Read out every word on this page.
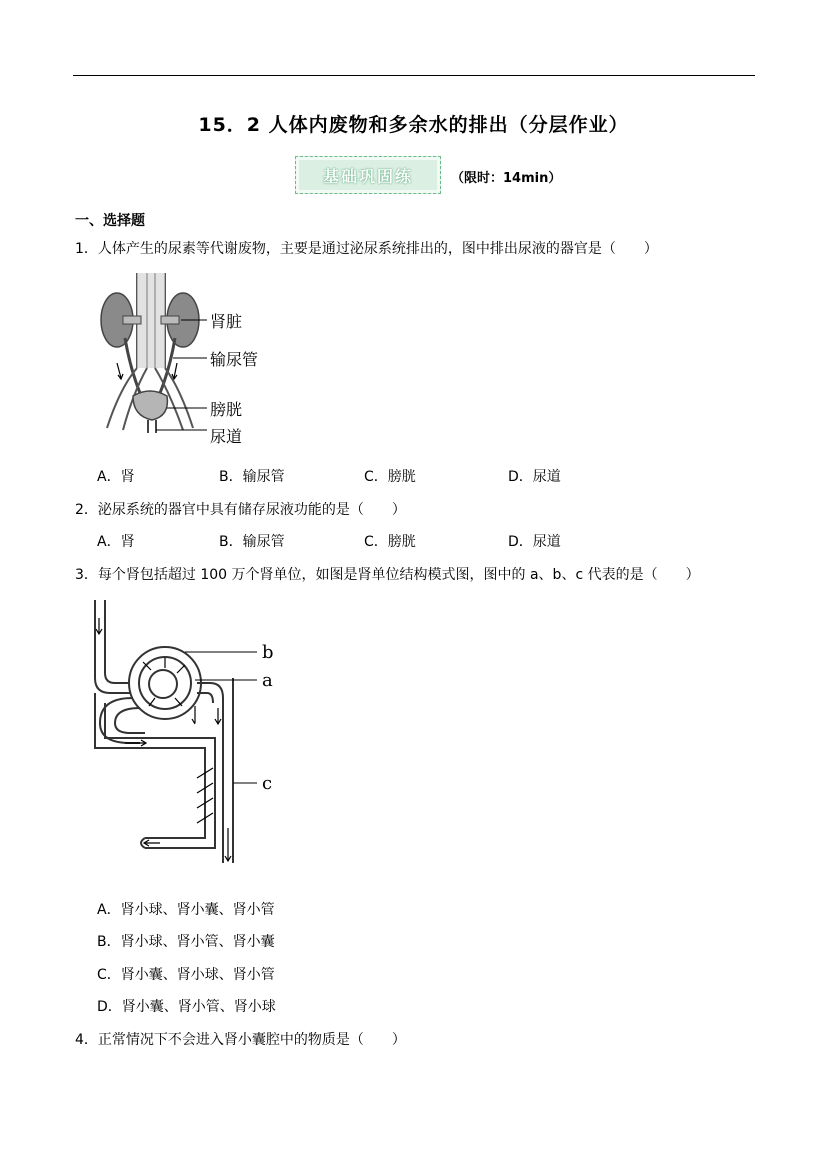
15．2 人体内废物和多余水的排出（分层作业）
基础巩固练	（限时：14min）
一、选择题
1．人体产生的尿素等代谢废物，主要是通过泌尿系统排出的，图中排出尿液的器官是（　　）
肾脏
输尿管
膀胱
尿道
A．肾	B．输尿管	C．膀胱	D．尿道
2．泌尿系统的器官中具有储存尿液功能的是（　　）
A．肾	B．输尿管	C．膀胱	D．尿道
3．每个肾包括超过 100 万个肾单位，如图是肾单位结构模式图，图中的 a、b、c 代表的是（　　）
b
a
c
A．肾小球、肾小囊、肾小管
B．肾小球、肾小管、肾小囊
C．肾小囊、肾小球、肾小管
D．肾小囊、肾小管、肾小球
4．正常情况下不会进入肾小囊腔中的物质是（　　）
